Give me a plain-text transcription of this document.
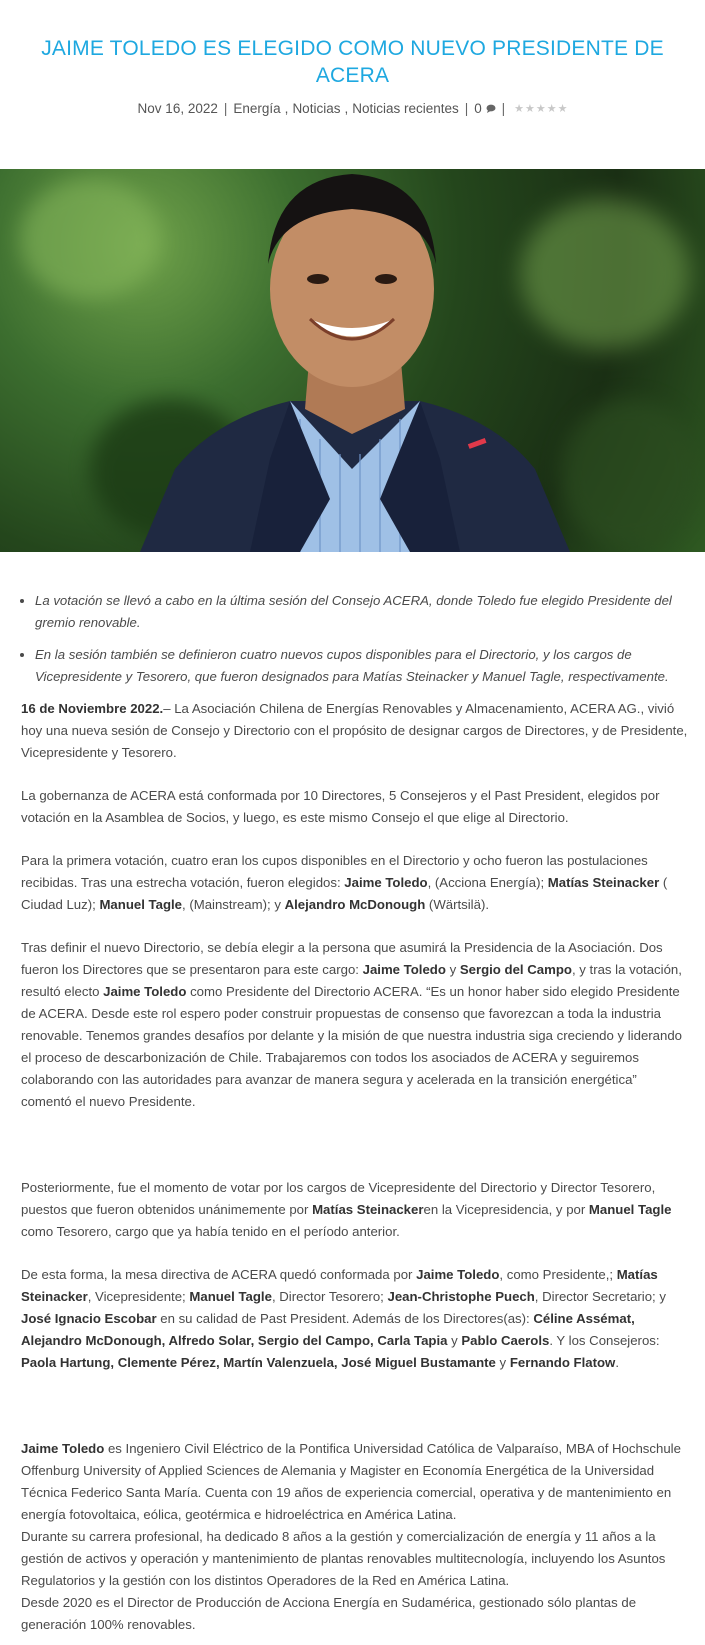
JAIME TOLEDO ES ELEGIDO COMO NUEVO PRESIDENTE DE ACERA
Nov 16, 2022 | Energía , Noticias , Noticias recientes | 0	| ★ ★ ★ ★ ★
• La votación se llevó a cabo en la última sesión del Consejo ACERA, donde Toledo fue elegido Presidente del gremio renovable.
• En la sesión también se definieron cuatro nuevos cupos disponibles para el Directorio, y los cargos de Vicepresidente y Tesorero, que fueron designados para Matías Steinacker y Manuel Tagle, respectivamente.

16 de Noviembre 2022.– La Asociación Chilena de Energías Renovables y Almacenamiento, ACERA AG., vivió hoy una nueva sesión de Consejo y Directorio con el propósito de designar cargos de Directores, y de Presidente, Vicepresidente y Tesorero.

La gobernanza de ACERA está conformada por 10 Directores, 5 Consejeros y el Past President, elegidos por votación en la Asamblea de Socios, y luego, es este mismo Consejo el que elige al Directorio.

Para la primera votación, cuatro eran los cupos disponibles en el Directorio y ocho fueron las postulaciones recibidas. Tras una estrecha votación, fueron elegidos: Jaime Toledo, (Acciona Energía); Matías Steinacker ( Ciudad Luz); Manuel Tagle, (Mainstream); y Alejandro McDonough (Wärtsilä).

Tras definir el nuevo Directorio, se debía elegir a la persona que asumirá la Presidencia de la Asociación. Dos fueron los Directores que se presentaron para este cargo: Jaime Toledo y Sergio del Campo, y tras la votación, resultó electo Jaime Toledo como Presidente del Directorio ACERA. “Es un honor haber sido elegido Presidente de ACERA. Desde este rol espero poder construir propuestas de consenso que favorezcan a toda la industria renovable. Tenemos grandes desafíos por delante y la misión de que nuestra industria siga creciendo y liderando el proceso de descarbonización de Chile. Trabajaremos con todos los asociados de ACERA y seguiremos colaborando con las autoridades para avanzar de manera segura y acelerada en la transición energética” comentó el nuevo Presidente.

Posteriormente, fue el momento de votar por los cargos de Vicepresidente del Directorio y Director Tesorero, puestos que fueron obtenidos unánimemente por Matías Steinackeren la Vicepresidencia, y por Manuel Tagle como Tesorero, cargo que ya había tenido en el período anterior.

De esta forma, la mesa directiva de ACERA quedó conformada por Jaime Toledo, como Presidente,; Matías Steinacker, Vicepresidente; Manuel Tagle, Director Tesorero; Jean-Christophe Puech, Director Secretario; y José Ignacio Escobar en su calidad de Past President. Además de los Directores(as): Céline Assémat, Alejandro McDonough, Alfredo Solar, Sergio del Campo, Carla Tapia y Pablo Caerols. Y los Consejeros: Paola Hartung, Clemente Pérez, Martín Valenzuela, José Miguel Bustamante y Fernando Flatow.

Jaime Toledo es Ingeniero Civil Eléctrico de la Pontifica Universidad Católica de Valparaíso, MBA of Hochschule Offenburg University of Applied Sciences de Alemania y Magister en Economía Energética de la Universidad Técnica Federico Santa María. Cuenta con 19 años de experiencia comercial, operativa y de mantenimiento en energía fotovoltaica, eólica, geotérmica e hidroeléctrica en América Latina.

Durante su carrera profesional, ha dedicado 8 años a la gestión y comercialización de energía y 11 años a la gestión de activos y operación y mantenimiento de plantas renovables multitecnología, incluyendo los Asuntos Regulatorios y la gestión con los distintos Operadores de la Red en América Latina.

Desde 2020 es el Director de Producción de Acciona Energía en Sudamérica, gestionado sólo plantas de generación 100% renovables.
